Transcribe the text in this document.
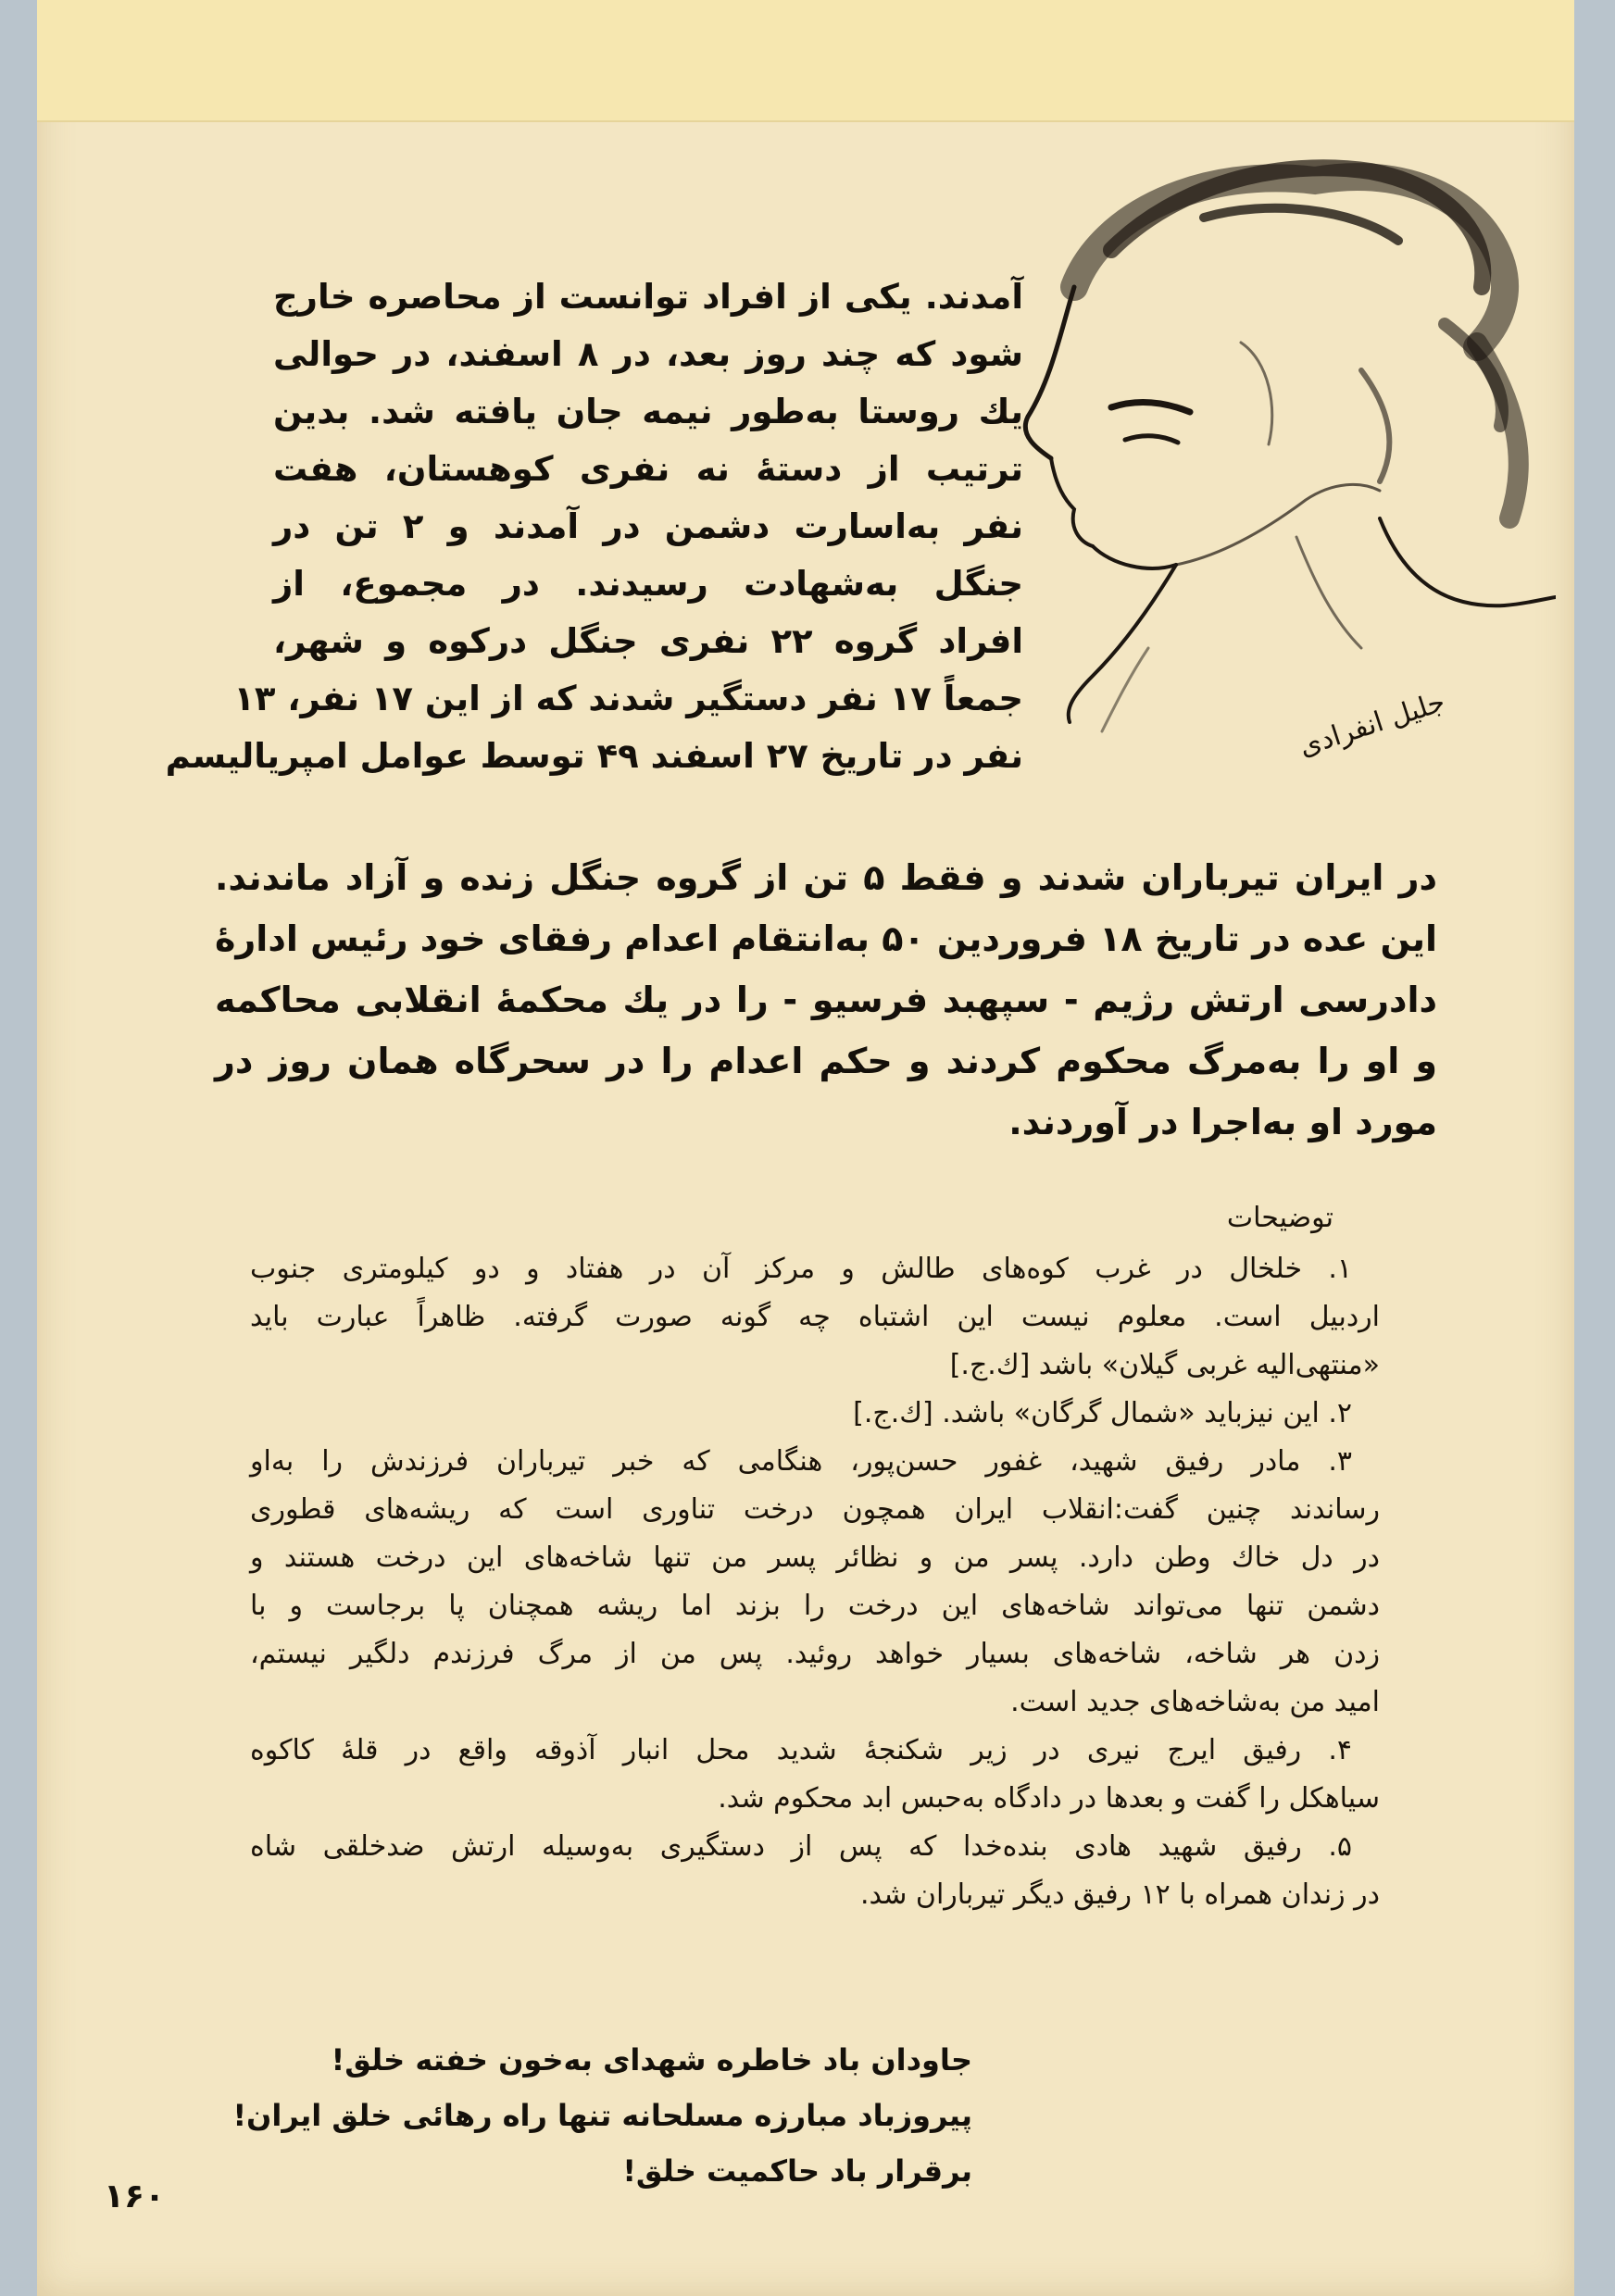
جليل انفرادی
آمدند. یکی از افراد توانست از محاصره خارج
شود که چند روز بعد، در ۸ اسفند، در حوالی
یك روستا به‌طور نیمه جان یافته شد. بدین
ترتیب از دستهٔ نه نفری کوهستان، هفت
نفر به‌اسارت دشمن در آمدند و ۲ تن در
جنگل به‌شهادت رسیدند. در مجموع، از
افراد گروه ۲۲ نفری جنگل درکوه و شهر،
جمعاً ۱۷ نفر دستگیر شدند که از این ۱۷ نفر، ۱۳
نفر در تاریخ ۲۷ اسفند ۴۹ توسط عوامل امپریالیسم
در ایران تیرباران شدند و فقط ۵ تن از گروه جنگل زنده و آزاد ماندند.
این عده در تاریخ ۱۸ فروردین ۵۰ به‌انتقام اعدام رفقای خود رئیس ادارهٔ
دادرسی ارتش رژیم - سپهبد فرسیو - را در یك محکمهٔ انقلابی محاکمه
و او را به‌مرگ محکوم کردند و حکم اعدام را در سحرگاه همان روز در
مورد او به‌اجرا در آوردند.
توضیحات
۱. خلخال در غرب کوه‌های طالش و مرکز آن در هفتاد و دو کیلومتری جنوب
اردبیل است. معلوم نیست این اشتباه چه گونه صورت گرفته. ظاهراً عبارت باید
«منتهی‌الیه غربی گیلان» باشد [ك.ج.]
۲. این نیزباید «شمال گرگان» باشد. [ك.ج.]
۳. مادر رفیق شهید، غفور حسن‌پور، هنگامی که خبر تیرباران فرزندش را به‌او
رساندند چنین گفت:انقلاب ایران همچون درخت تناوری است که ریشه‌های قطوری
در دل خاك وطن دارد. پسر من و نظائر پسر من تنها شاخه‌های این درخت هستند و
دشمن تنها می‌تواند شاخه‌های این درخت را بزند اما ریشه همچنان پا برجاست و با
زدن هر شاخه، شاخه‌های بسیار خواهد روئید. پس من از مرگ فرزندم دلگیر نیستم،
امید من به‌شاخه‌های جدید است.
۴. رفیق ایرج نیری در زیر شکنجهٔ شدید محل انبار آذوقه واقع در قلهٔ کاکوه
سیاهکل را گفت و بعدها در دادگاه به‌حبس ابد محکوم شد.
۵. رفیق شهید هادی بنده‌خدا که پس از دستگیری به‌وسیله ارتش ضدخلقی شاه
در زندان همراه با ۱۲ رفیق دیگر تیرباران شد.
جاودان باد خاطره شهدای به‌خون خفته خلق!
پیروزباد مبارزه مسلحانه تنها راه رهائی خلق ایران!
برقرار باد حاکمیت خلق!
۱۶۰
